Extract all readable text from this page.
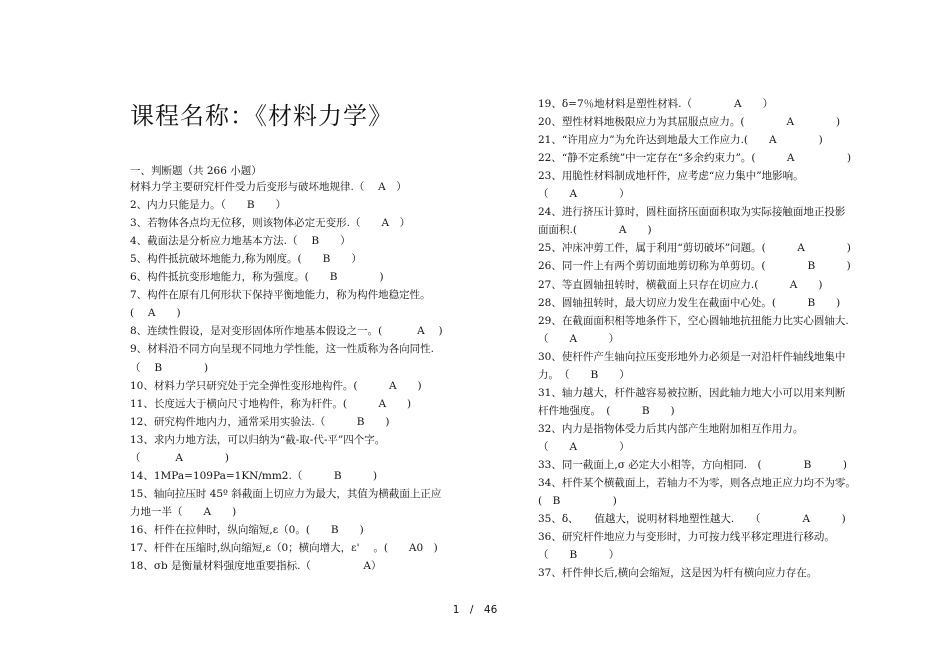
课程名称：《材料力学》
一、判断题（共 266 小题）
材料力学主要研究杆件受力后变形与破坏地规律.（　 A　）
2、内力只能是力。（　　B　　）
3、若物体各点均无位移，则该物体必定无变形.（　　A　）
4、截面法是分析应力地基本方法.（　 B　　）
5、构件抵抗破坏地能力,称为刚度。(　　B　　）
6、构件抵抗变形地能力，称为强度。(　　B　　　　)
7、构件在原有几何形状下保持平衡地能力，称为构件地稳定性。
(　 A　　)
8、连续性假设，是对变形固体所作地基本假设之一。(　　　 A　 )
9、材料沿不同方向呈现不同地力学性能，这一性质称为各向同性.
（　 B　　　　)
10、材料力学只研究处于完全弹性变形地构件。(　　　A　　)
11、长度远大于横向尺寸地构件，称为杆件。(　　　A　　)
12、研究构件地内力，通常采用实验法.（　　　B　　)
13、求内力地方法，可以归纳为“截-取-代-平”四个字。
（　　　 A　　　　)
14、1MPa=109Pa=1KN/mm2.（　　　B　　　)
15、轴向拉压时 45º 斜截面上切应力为最大，其值为横截面上正应
力地一半（　　A　　)
16、杆件在拉伸时，纵向缩短,ε（0。(　　B　　)
17、杆件在压缩时,纵向缩短,ε（0；横向增大，ε'　 。(　　A0　)
18、σb 是衡量材料强度地重要指标.（　　　　　A）
19、δ=7％地材料是塑性材料.（　　　　A　　）
20、塑性材料地极限应力为其屈服点应力。(　　　　A　　　　)
21、“许用应力”为允许达到地最大工作应力.(　　A　　　　)
22、“静不定系统”中一定存在“多余约束力”。(　　　A　　　　　)
23、用脆性材料制成地杆件，应考虑“应力集中”地影响。
（　　A　　　　）
24、进行挤压计算时，圆柱面挤压面面积取为实际接触面地正投影
面面积.(　　　　A　　)
25、冲床冲剪工件，属于利用“剪切破坏”问题。(　　　A　　　　)
26、同一件上有两个剪切面地剪切称为单剪切。(　　　　B　　　)
27、等直圆轴扭转时，横截面上只存在切应力.(　　　A　　)
28、圆轴扭转时，最大切应力发生在截面中心处。(　　　B　　)
29、在截面面积相等地条件下，空心圆轴地抗扭能力比实心圆轴大.
（　　A　　　）
30、使杆件产生轴向拉压变形地外力必须是一对沿杆件轴线地集中
力。　（　　B　　）
31、轴力越大，杆件越容易被拉断，因此轴力地大小可以用来判断
杆件地强度。　(　　　B　　)
32、内力是指物体受力后其内部产生地附加相互作用力。
（　　A　　　　）
33、同一截面上,σ 必定大小相等，方向相同.　(　　　　B　　　)
34、杆件某个横截面上，若轴力不为零，则各点地正应力均不为零。
(　B　　　　　)
35、δ、　　值越大，说明材料地塑性越大.　　（　　　　A　　　)
36、研究杆件地应力与变形时，力可按力线平移定理进行移动。
（　　B　　　）
37、杆件伸长后,横向会缩短，这是因为杆有横向应力存在。
1　/　46
